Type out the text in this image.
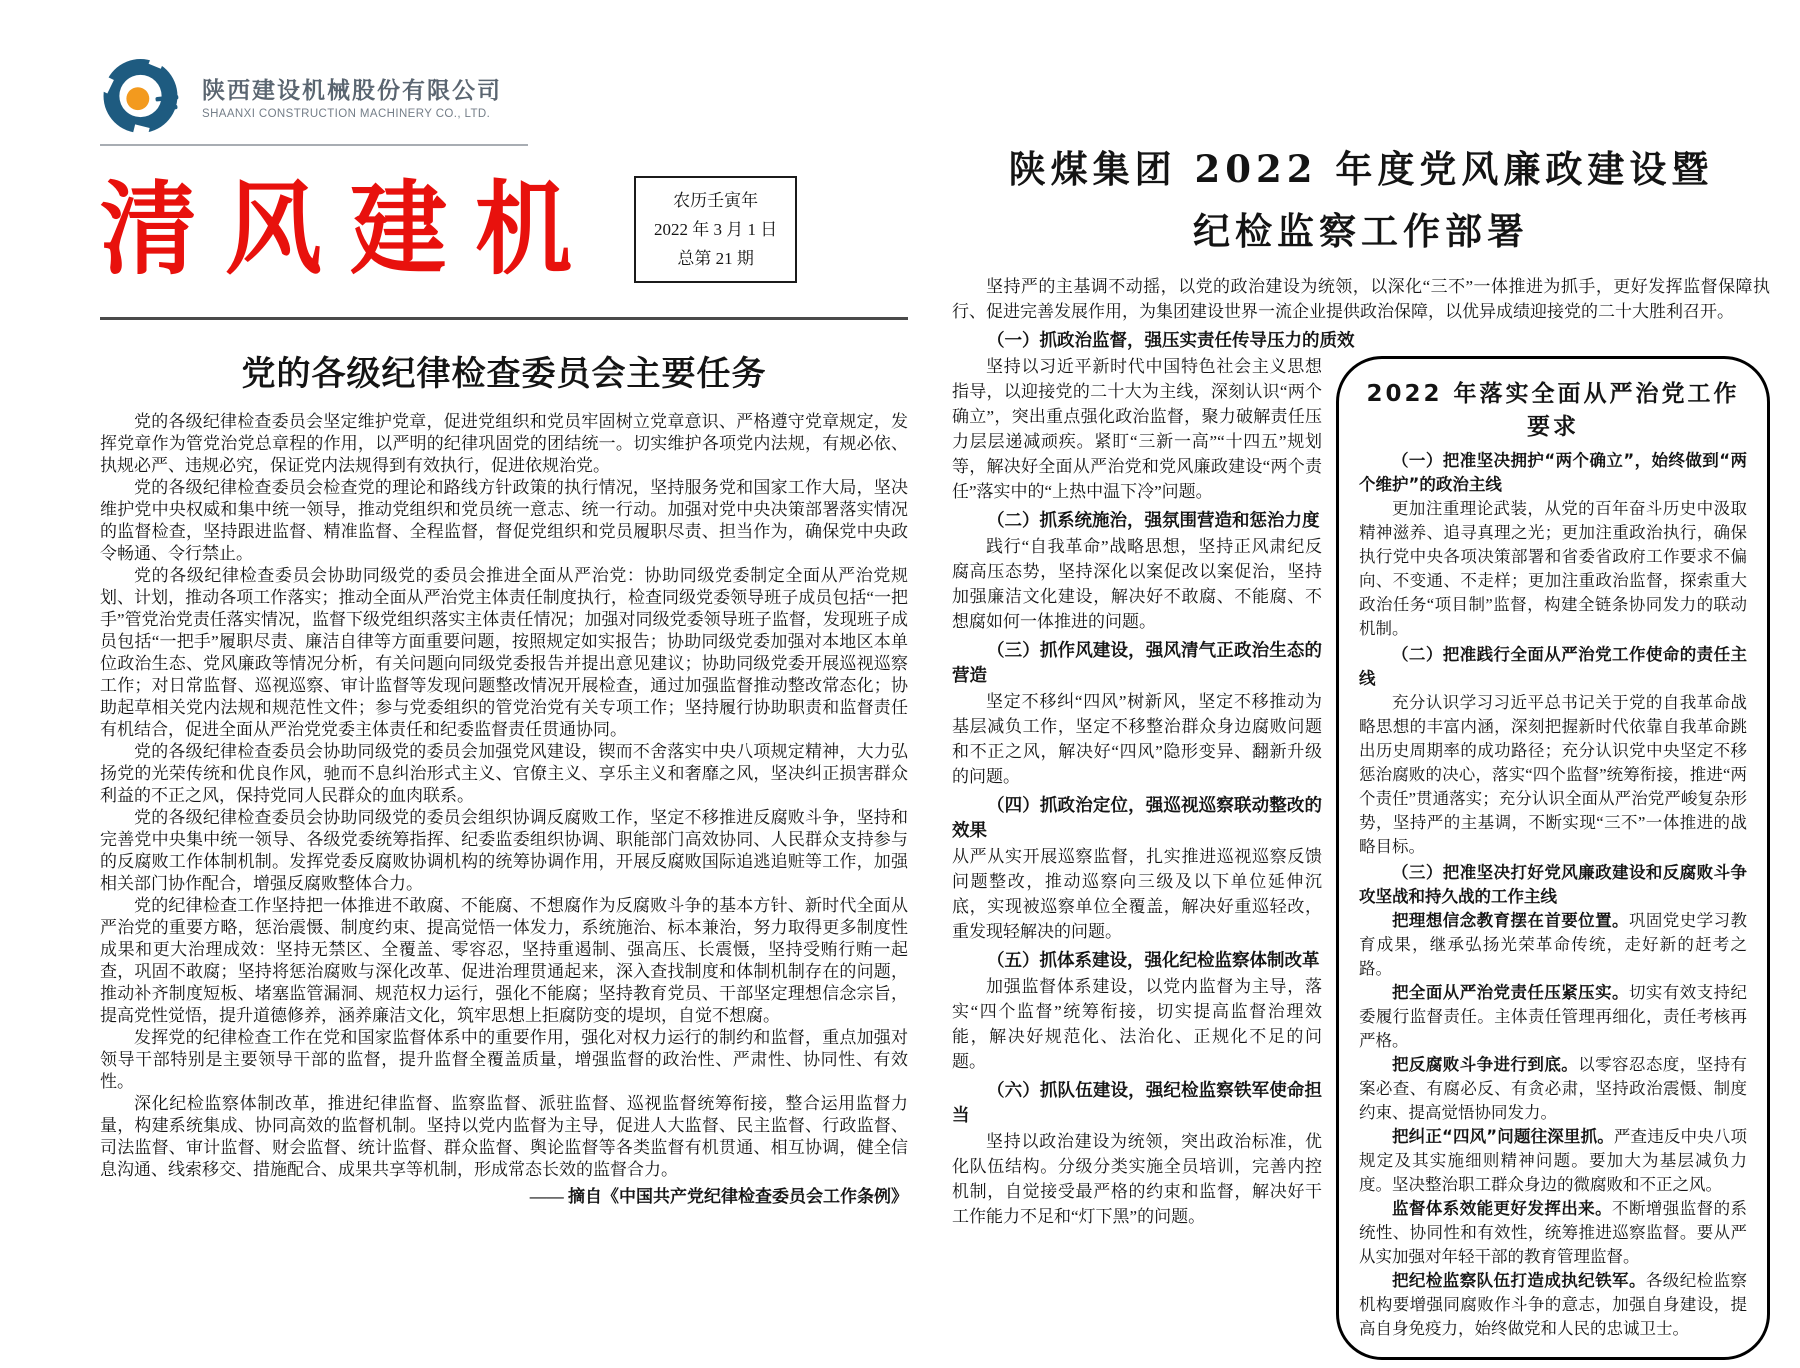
陕西建设机械股份有限公司
SHAANXI CONSTRUCTION MACHINERY CO., LTD.
清风建机	农历壬寅年
2022 年 3 月 1 日
总第 21 期
党的各级纪律检查委员会主要任务

党的各级纪律检查委员会坚定维护党章，促进党组织和党员牢固树立党章意识、严格遵守党章规定，发挥党章作为管党治党总章程的作用，以严明的纪律巩固党的团结统一。切实维护各项党内法规，有规必依、执规必严、违规必究，保证党内法规得到有效执行，促进依规治党。

党的各级纪律检查委员会检查党的理论和路线方针政策的执行情况，坚持服务党和国家工作大局，坚决维护党中央权威和集中统一领导，推动党组织和党员统一意志、统一行动。加强对党中央决策部署落实情况的监督检查，坚持跟进监督、精准监督、全程监督，督促党组织和党员履职尽责、担当作为，确保党中央政令畅通、令行禁止。

党的各级纪律检查委员会协助同级党的委员会推进全面从严治党：协助同级党委制定全面从严治党规划、计划，推动各项工作落实；推动全面从严治党主体责任制度执行，检查同级党委领导班子成员包括“一把手”管党治党责任落实情况，监督下级党组织落实主体责任情况；加强对同级党委领导班子监督，发现班子成员包括“一把手”履职尽责、廉洁自律等方面重要问题，按照规定如实报告；协助同级党委加强对本地区本单位政治生态、党风廉政等情况分析，有关问题向同级党委报告并提出意见建议；协助同级党委开展巡视巡察工作；对日常监督、巡视巡察、审计监督等发现问题整改情况开展检查，通过加强监督推动整改常态化；协助起草相关党内法规和规范性文件；参与党委组织的管党治党有关专项工作；坚持履行协助职责和监督责任有机结合，促进全面从严治党党委主体责任和纪委监督责任贯通协同。

党的各级纪律检查委员会协助同级党的委员会加强党风建设，锲而不舍落实中央八项规定精神，大力弘扬党的光荣传统和优良作风，驰而不息纠治形式主义、官僚主义、享乐主义和奢靡之风，坚决纠正损害群众利益的不正之风，保持党同人民群众的血肉联系。

党的各级纪律检查委员会协助同级党的委员会组织协调反腐败工作，坚定不移推进反腐败斗争，坚持和完善党中央集中统一领导、各级党委统筹指挥、纪委监委组织协调、职能部门高效协同、人民群众支持参与的反腐败工作体制机制。发挥党委反腐败协调机构的统筹协调作用，开展反腐败国际追逃追赃等工作，加强相关部门协作配合，增强反腐败整体合力。

党的纪律检查工作坚持把一体推进不敢腐、不能腐、不想腐作为反腐败斗争的基本方针、新时代全面从严治党的重要方略，惩治震慑、制度约束、提高觉悟一体发力，系统施治、标本兼治，努力取得更多制度性成果和更大治理成效：坚持无禁区、全覆盖、零容忍，坚持重遏制、强高压、长震慑，坚持受贿行贿一起查，巩固不敢腐；坚持将惩治腐败与深化改革、促进治理贯通起来，深入查找制度和体制机制存在的问题，推动补齐制度短板、堵塞监管漏洞、规范权力运行，强化不能腐；坚持教育党员、干部坚定理想信念宗旨，提高党性觉悟，提升道德修养，涵养廉洁文化，筑牢思想上拒腐防变的堤坝，自觉不想腐。

发挥党的纪律检查工作在党和国家监督体系中的重要作用，强化对权力运行的制约和监督，重点加强对领导干部特别是主要领导干部的监督，提升监督全覆盖质量，增强监督的政治性、严肃性、协同性、有效性。

深化纪检监察体制改革，推进纪律监督、监察监督、派驻监督、巡视监督统筹衔接，整合运用监督力量，构建系统集成、协同高效的监督机制。坚持以党内监督为主导，促进人大监督、民主监督、行政监督、司法监督、审计监督、财会监督、统计监督、群众监督、舆论监督等各类监督有机贯通、相互协调，健全信息沟通、线索移交、措施配合、成果共享等机制，形成常态长效的监督合力。

—— 摘自《中国共产党纪律检查委员会工作条例》
陕煤集团 2022 年度党风廉政建设暨
纪检监察工作部署

坚持严的主基调不动摇，以党的政治建设为统领，以深化“三不”一体推进为抓手，更好发挥监督保障执行、促进完善发展作用，为集团建设世界一流企业提供政治保障，以优异成绩迎接党的二十大胜利召开。

（一）抓政治监督，强压实责任传导压力的质效
2022 年落实全面从严治党工作要求
（一）把准坚决拥护“两个确立”，始终做到“两个维护”的政治主线

更加注重理论武装，从党的百年奋斗历史中汲取精神滋养、追寻真理之光；更加注重政治执行，确保执行党中央各项决策部署和省委省政府工作要求不偏向、不变通、不走样；更加注重政治监督，探索重大政治任务“项目制”监督，构建全链条协同发力的联动机制。

（二）把准践行全面从严治党工作使命的责任主线

充分认识学习习近平总书记关于党的自我革命战略思想的丰富内涵，深刻把握新时代依靠自我革命跳出历史周期率的成功路径；充分认识党中央坚定不移惩治腐败的决心，落实“四个监督”统筹衔接，推进“两个责任”贯通落实；充分认识全面从严治党严峻复杂形势，坚持严的主基调，不断实现“三不”一体推进的战略目标。

（三）把准坚决打好党风廉政建设和反腐败斗争攻坚战和持久战的工作主线

把理想信念教育摆在首要位置。巩固党史学习教育成果，继承弘扬光荣革命传统，走好新的赶考之路。

把全面从严治党责任压紧压实。切实有效支持纪委履行监督责任。主体责任管理再细化，责任考核再严格。

把反腐败斗争进行到底。以零容忍态度，坚持有案必查、有腐必反、有贪必肃，坚持政治震慑、制度约束、提高觉悟协同发力。

把纠正“四风”问题往深里抓。严查违反中央八项规定及其实施细则精神问题。要加大为基层减负力度。坚决整治职工群众身边的微腐败和不正之风。

监督体系效能更好发挥出来。不断增强监督的系统性、协同性和有效性，统筹推进巡察监督。要从严从实加强对年轻干部的教育管理监督。

把纪检监察队伍打造成执纪铁军。各级纪检监察机构要增强同腐败作斗争的意志，加强自身建设，提高自身免疫力，始终做党和人民的忠诚卫士。

坚持以习近平新时代中国特色社会主义思想指导，以迎接党的二十大为主线，深刻认识“两个确立”，突出重点强化政治监督，聚力破解责任压力层层递减顽疾。紧盯“三新一高”“十四五”规划等，解决好全面从严治党和党风廉政建设“两个责任”落实中的“上热中温下冷”问题。

（二）抓系统施治，强氛围营造和惩治力度

践行“自我革命”战略思想，坚持正风肃纪反腐高压态势，坚持深化以案促改以案促治，坚持加强廉洁文化建设，解决好不敢腐、不能腐、不想腐如何一体推进的问题。

（三）抓作风建设，强风清气正政治生态的营造

坚定不移纠“四风”树新风，坚定不移推动为基层减负工作，坚定不移整治群众身边腐败问题和不正之风，解决好“四风”隐形变异、翻新升级的问题。

（四）抓政治定位，强巡视巡察联动整改的效果

从严从实开展巡察监督，扎实推进巡视巡察反馈问题整改，推动巡察向三级及以下单位延伸沉底，实现被巡察单位全覆盖，解决好重巡轻改，重发现轻解决的问题。

（五）抓体系建设，强化纪检监察体制改革

加强监督体系建设，以党内监督为主导，落实“四个监督”统筹衔接，切实提高监督治理效能，解决好规范化、法治化、正规化不足的问题。

（六）抓队伍建设，强纪检监察铁军使命担当

坚持以政治建设为统领，突出政治标准，优化队伍结构。分级分类实施全员培训，完善内控机制，自觉接受最严格的约束和监督，解决好干工作能力不足和“灯下黑”的问题。
